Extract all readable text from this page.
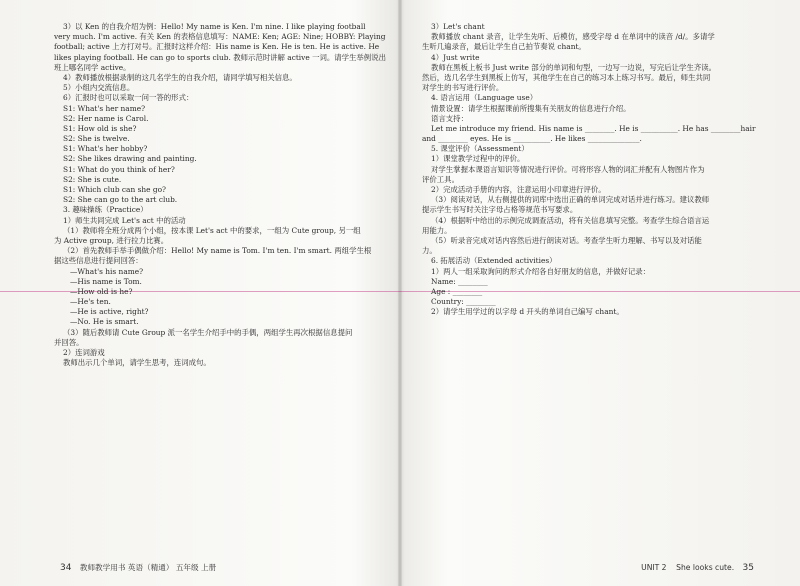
3）以 Ken 的自我介绍为例：Hello! My name is Ken. I'm nine. I like playing football
very much. I'm active. 有关 Ken 的表格信息填写：NAME: Ken; AGE: Nine; HOBBY: Playing
football; active 上方打对号。汇报时这样介绍：His name is Ken. He is ten. He is active. He
likes playing football. He can go to sports club. 教师示范时讲解 active 一词。请学生举例说出
班上哪名同学 active。
4）教师播放根据录制的这几名学生的自我介绍，请同学填写相关信息。
5）小组内交流信息。
6）汇报时也可以采取一问一答的形式：
S1: What's her name?
S2: Her name is Carol.
S1: How old is she?
S2: She is twelve.
S1: What's her hobby?
S2: She likes drawing and painting.
S1: What do you think of her?
S2: She is cute.
S1: Which club can she go?
S2: She can go to the art club.
3. 趣味操练（Practice）
1）师生共同完成 Let's act 中的活动
（1）教师将全班分成两个小组，按本课 Let's act 中的要求，一组为 Cute group, 另一组
为 Active group, 进行拉力比赛。
（2）首先教师手举手偶做介绍：Hello! My name is Tom. I'm ten. I'm smart. 两组学生根
据这些信息进行提问回答：
—What's his name?
—His name is Tom.
—How old is he?
—He's ten.
—He is active, right?
—No. He is smart.
（3）随后教师请 Cute Group 派一名学生介绍手中的手偶，两组学生再次根据信息提问
并回答。
2）连词游戏
教师出示几个单词，请学生思考，连词成句。
34 教师教学用书 英语（精通） 五年级 上册
3）Let's chant
教师播放 chant 录音，让学生先听、后模仿，感受字母 d 在单词中的读音 /d/。多请学
生听几遍录音，最后让学生自己拍节奏说 chant。
4）Just write
教师在黑板上板书 Just write 部分的单词和句型，一边写一边说，写完后让学生齐读。
然后，选几名学生到黑板上仿写，其他学生在自己的练习本上练习书写。最后，师生共同
对学生的书写进行评价。
4. 语言运用（Language use）
情景设置：请学生根据课前所搜集有关朋友的信息进行介绍。
语言支持：
Let me introduce my friend. His name is ________. He is __________. He has ________hair
and ________ eyes. He is __________. He likes ______________.
5. 课堂评价（Assessment）
1）课堂教学过程中的评价。
对学生掌握本课语言知识等情况进行评价。可将形容人物的词汇并配有人物图片作为
评价工具。
2）完成活动手册的内容，注意运用小印章进行评价。
（3）阅读对话，从右侧提供的词库中选出正确的单词完成对话并进行练习。建议教师
提示学生书写时关注字母占格等规范书写要求。
（4）根据听中给出的示例完成调查活动，将有关信息填写完整。考查学生综合语言运
用能力。
（5）听录音完成对话内容然后进行朗读对话。考查学生听力理解、书写以及对话能
力。
6. 拓展活动（Extended activities）
1）两人一组采取询问的形式介绍各自好朋友的信息，并做好记录：
Name: ________
Age : ________
Country: ________
2）请学生用学过的以字母 d 开头的单词自己编写 chant。
UNIT 2 She looks cute. 35
